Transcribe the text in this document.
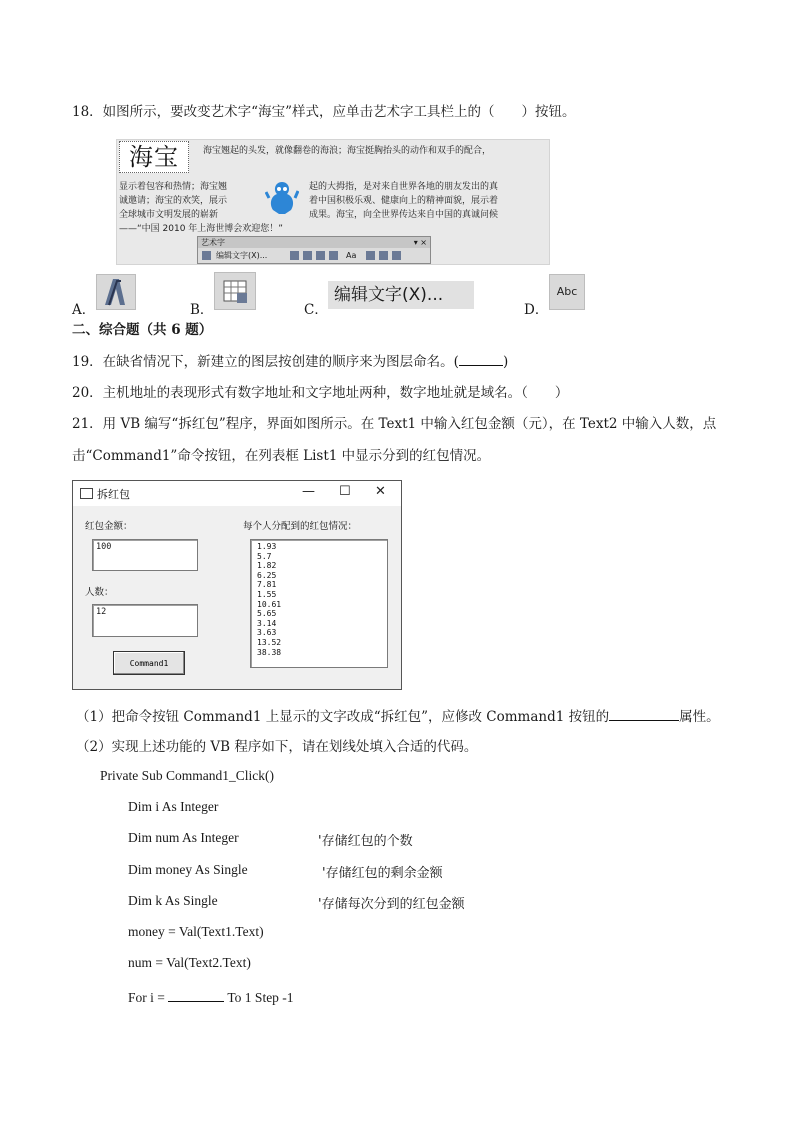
18．如图所示，要改变艺术字“海宝”样式，应单击艺术字工具栏上的（　　）按钮。
海宝	海宝翘起的头发，就像翻卷的海浪；海宝挺胸抬头的动作和双手的配合，
显示着包容和热情；海宝翘	起的大拇指，是对来自世界各地的朋友发出的真
诚邀请；海宝的欢笑，展示	着中国积极乐观、健康向上的精神面貌，展示着
全球城市文明发展的崭新	成果。海宝，向全世界传达来自中国的真诚问候
——“中国 2010 年上海世博会欢迎您！”
艺术字	▾ ×
编辑文字(X)...	Aa
A．	B．	C．
编辑文字(X)...
D．
Abc
二、综合题（共 6 题）
19．在缺省情况下，新建立的图层按创建的顺序来为图层命名。(	)
20．主机地址的表现形式有数字地址和文字地址两种，数字地址就是域名。（　　）
21．用 VB 编写“拆红包”程序，界面如图所示。在 Text1 中输入红包金额（元），在 Text2 中输入人数，点
击“Command1”命令按钮，在列表框 List1 中显示分到的红包情况。
拆红包	— ☐ ✕
红包金额：
100
人数：
12
每个人分配到的红包情况：
1.93
5.7
1.82
6.25
7.81
1.55
10.61
5.65
3.14
3.63
13.52
38.38
Command1
（1）把命令按钮 Command1 上显示的文字改成“拆红包”，应修改 Command1 按钮的	属性。
（2）实现上述功能的 VB 程序如下，请在划线处填入合适的代码。
Private Sub Command1_Click()
Dim i As Integer
Dim num As Integer	'存储红包的个数
Dim money As Single	'存储红包的剩余金额
Dim k As Single	'存储每次分到的红包金额
money = Val(Text1.Text)
num = Val(Text2.Text)
For i =	To 1 Step -1
